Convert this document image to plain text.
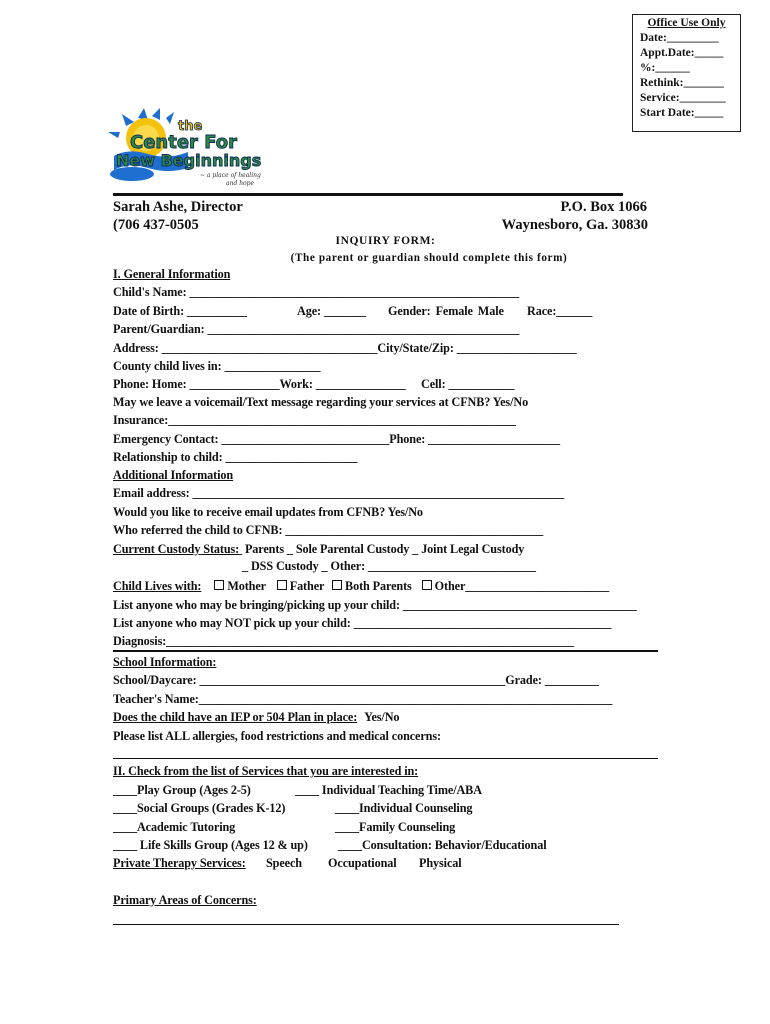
Office Use Only
Date:_________
Appt.Date:_____
%:______
Rethink:_______
Service:________
Start Date:_____
the
Center For
New Beginnings
~ a place of healing
and hope
Sarah Ashe, Director
(706 437-0505
P.O. Box 1066
Waynesboro, Ga. 30830
INQUIRY FORM:
(The parent or guardian should complete this form)
I. General Information
Child's Name: _______________________________________________________
Date of Birth: __________	Age: _______ Gender: Female Male Race:______
Parent/Guardian: ____________________________________________________
Address: ____________________________________City/State/Zip: ____________________
County child lives in: ________________
Phone: Home: _______________Work: _______________ Cell: ___________
May we leave a voicemail/Text message regarding your services at CFNB? Yes/No
Insurance:__________________________________________________________
Emergency Contact: ____________________________Phone: ______________________
Relationship to child: ______________________
Additional Information
Email address: ______________________________________________________________
Would you like to receive email updates from CFNB? Yes/No
Who referred the child to CFNB: ___________________________________________
Current Custody Status:
_ Parents _ Sole Parental Custody _ Joint Legal Custody
_ DSS Custody _ Other: ____________________________
Child Lives with: Mother Father Both Parents Other________________________
List anyone who may be bringing/picking up your child: _______________________________________
List anyone who may NOT pick up your child: ___________________________________________
Diagnosis:____________________________________________________________________
School Information:
School/Daycare: ___________________________________________________Grade: _________
Teacher's Name:_____________________________________________________________________
Does the child have an IEP or 504 Plan in place: Yes/No
Please list ALL allergies, food restrictions and medical concerns:
II. Check from the list of Services that you are interested in:
____Play Group (Ages 2-5)
____Social Groups (Grades K-12)
____Academic Tutoring
____ Life Skills Group (Ages 12 & up)
____ Individual Teaching Time/ABA
____Individual Counseling
____Family Counseling
____Consultation: Behavior/Educational
Private Therapy Services: Speech Occupational Physical
Primary Areas of Concerns:
